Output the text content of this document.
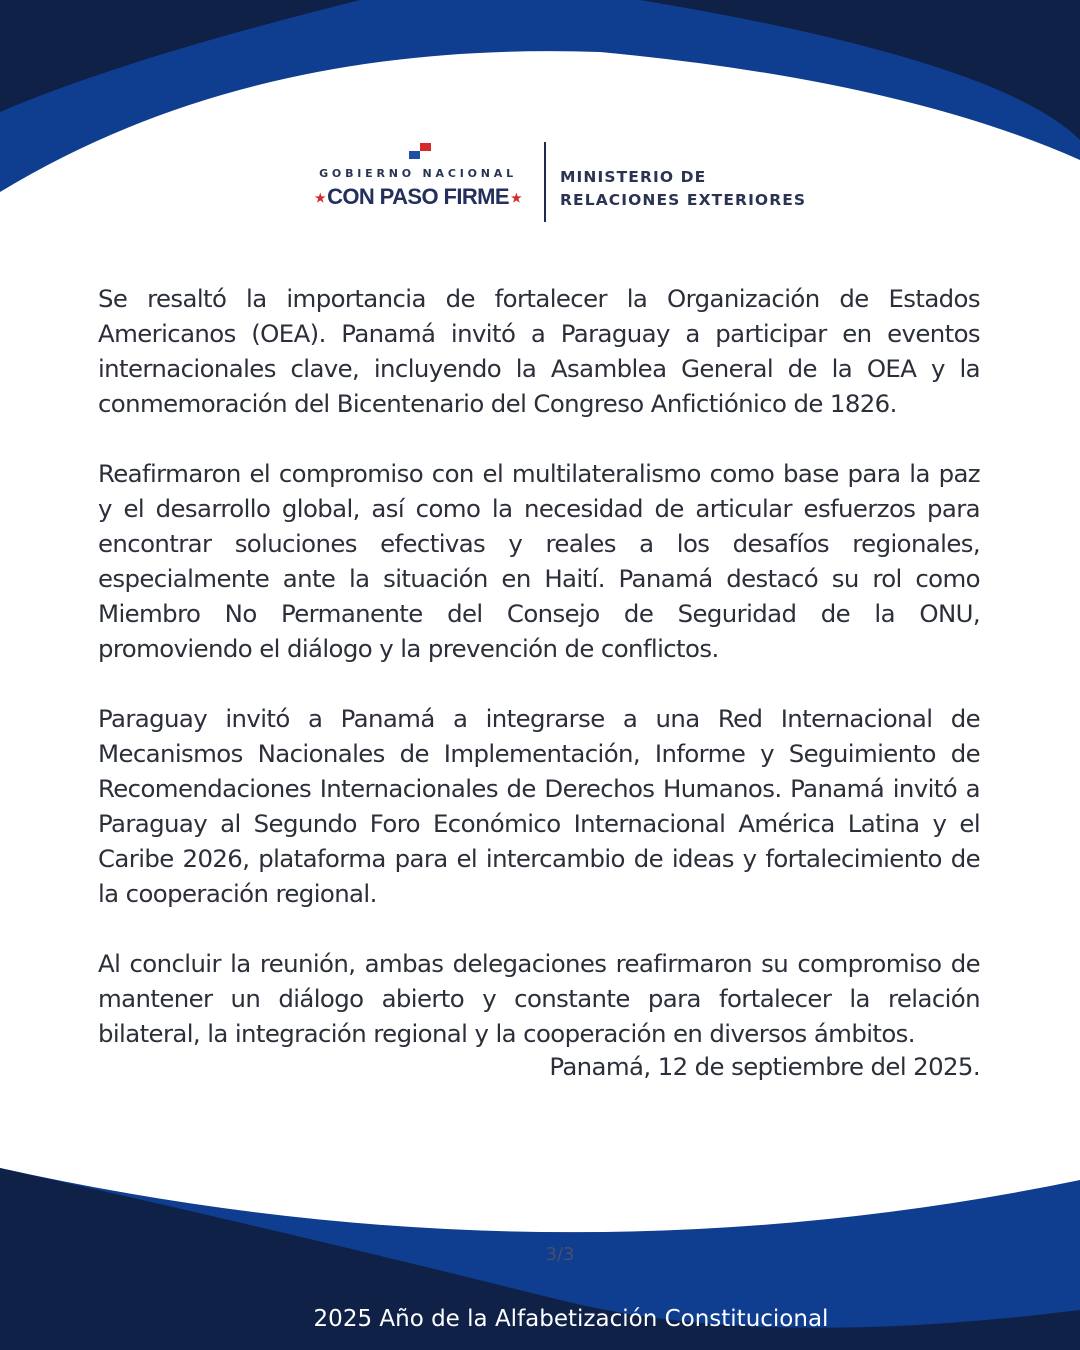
GOBIERNO NACIONAL
★CON PASO FIRME ★
MINISTERIO DE
RELACIONES EXTERIORES

Se resaltó la importancia de fortalecer la Organización de Estados Americanos (OEA). Panamá invitó a Paraguay a participar en eventos internacionales clave, incluyendo la Asamblea General de la OEA y la conmemoración del Bicentenario del Congreso Anfictiónico de 1826.

Reafirmaron el compromiso con el multilateralismo como base para la paz y el desarrollo global, así como la necesidad de articular esfuerzos para encontrar soluciones efectivas y reales a los desafíos regionales, especialmente ante la situación en Haití. Panamá destacó su rol como Miembro No Permanente del Consejo de Seguridad de la ONU, promoviendo el diálogo y la prevención de conflictos.

Paraguay invitó a Panamá a integrarse a una Red Internacional de Mecanismos Nacionales de Implementación, Informe y Seguimiento de Recomendaciones Internacionales de Derechos Humanos. Panamá invitó a Paraguay al Segundo Foro Económico Internacional América Latina y el Caribe 2026, plataforma para el intercambio de ideas y fortalecimiento de la cooperación regional.

Al concluir la reunión, ambas delegaciones reafirmaron su compromiso de mantener un diálogo abierto y constante para fortalecer la relación bilateral, la integración regional y la cooperación en diversos ámbitos.

Panamá, 12 de septiembre del 2025.
3/3
2025 Año de la Alfabetización Constitucional
